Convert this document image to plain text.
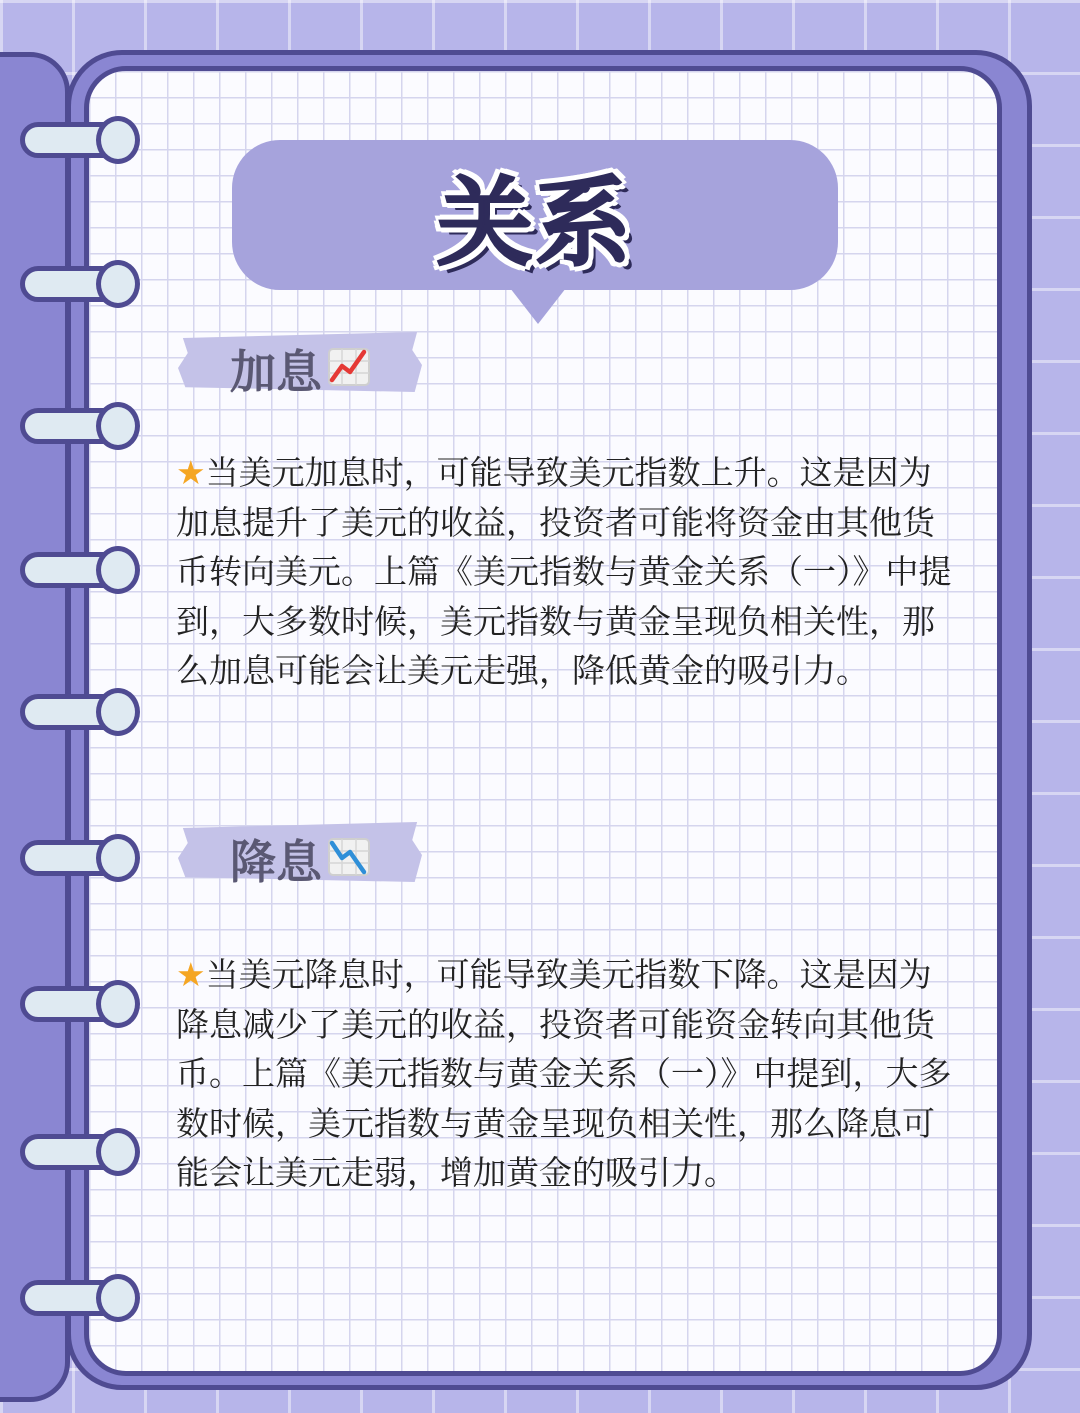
关系
加息
★当美元加息时，可能导致美元指数上升。这是因为加息提升了美元的收益，投资者可能将资金由其他货币转向美元。上篇《美元指数与黄金关系（一）》中提到，大多数时候，美元指数与黄金呈现负相关性，那么加息可能会让美元走强，降低黄金的吸引力。
降息
★当美元降息时，可能导致美元指数下降。这是因为降息减少了美元的收益，投资者可能资金转向其他货币。上篇《美元指数与黄金关系（一）》中提到，大多数时候，美元指数与黄金呈现负相关性，那么降息可能会让美元走弱，增加黄金的吸引力。
